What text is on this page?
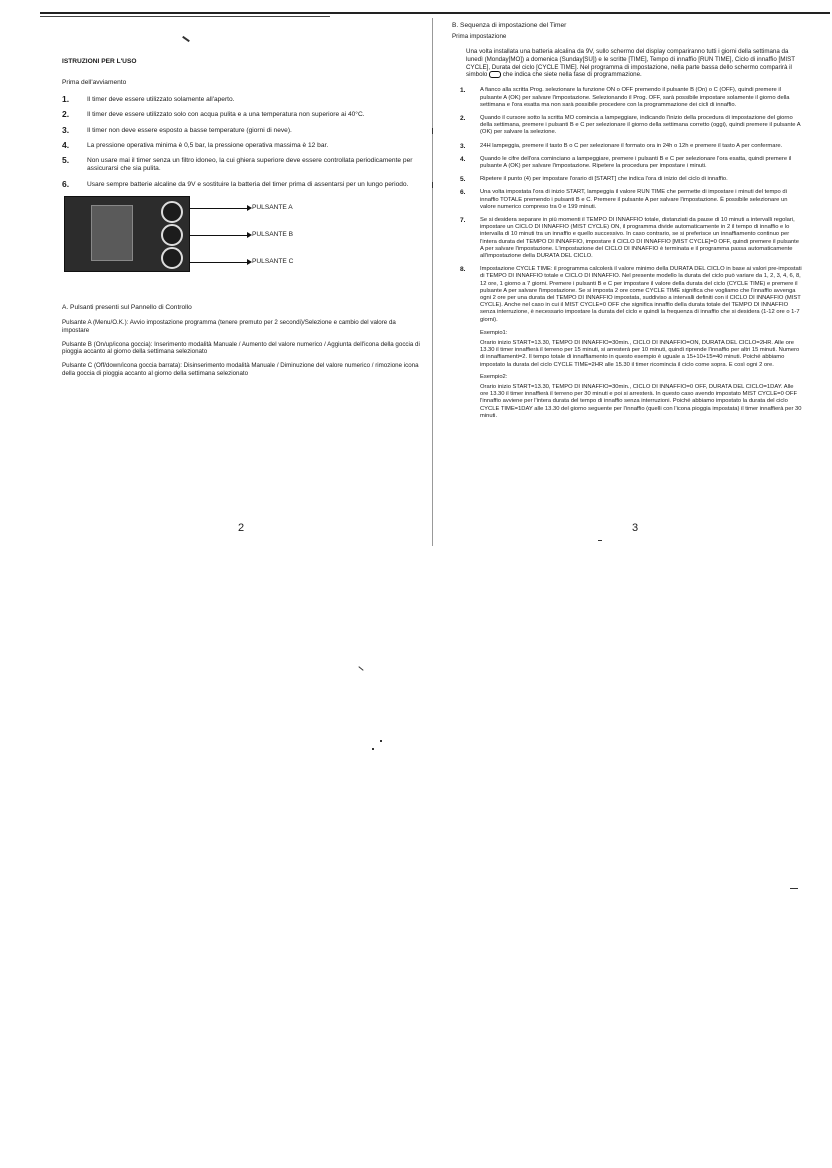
ISTRUZIONI PER L'USO
Prima dell'avviamento
1.	Il timer deve essere utilizzato solamente all'aperto.
2.	Il timer deve essere utilizzato solo con acqua pulita e a una temperatura non superiore ai 40°C.
3.	Il timer non deve essere esposto a basse temperature (giorni di neve).
4.	La pressione operativa minima è 0,5 bar, la pressione operativa massima è 12 bar.
5.	Non usare mai il timer senza un filtro idoneo, la cui ghiera superiore deve essere controllata periodicamente per assicurarsi che sia pulita.
6.	Usare sempre batterie alcaline da 9V e sostituire la batteria del timer prima di assentarsi per un lungo periodo.
PULSANTE A
PULSANTE B
PULSANTE C
A. Pulsanti presenti sul Pannello di Controllo
Pulsante A (Menu/O.K.): Avvio impostazione programma (tenere premuto per 2 secondi)/Selezione e cambio del valore da impostare
Pulsante B (On/up/icona goccia): Inserimento modalità Manuale / Aumento del valore numerico / Aggiunta dell'icona della goccia di pioggia accanto al giorno della settimana selezionato
Pulsante C (Off/down/icona goccia barrata): Disinserimento modalità Manuale / Diminuzione del valore numerico / rimozione icona della goccia di pioggia accanto al giorno della settimana selezionato
2
B. Sequenza di impostazione del Timer
Prima impostazione
Una volta installata una batteria alcalina da 9V, sullo schermo del display compariranno tutti i giorni della settimana da lunedì (Monday[MO]) a domenica (Sunday[SU]) e le scritte [TIME], Tempo di innaffio [RUN TIME], Ciclo di innaffio [MIST CYCLE], Durata del ciclo [CYCLE TIME]. Nel programma di impostazione, nella parte bassa dello schermo comparirà il simbolo che indica che siete nella fase di programmazione.
1.	A fianco alla scritta Prog. selezionare la funzione ON o OFF premendo il pulsante B (On) o C (OFF), quindi premere il pulsante A (OK) per salvare l'impostazione. Selezionando il Prog. OFF, sarà possibile impostare solamente il giorno della settimana e l'ora esatta ma non sarà possibile procedere con la programmazione dei cicli di innaffio.
2.	Quando il cursore sotto la scritta MO comincia a lampeggiare, indicando l'inizio della procedura di impostazione del giorno della settimana, premere i pulsanti B e C per selezionare il giorno della settimana corretto (oggi), quindi premere il pulsante A (OK) per salvare la selezione.
3.	24H lampeggia, premere il tasto B o C per selezionare il formato ora in 24h o 12h e premere il tasto A per confermare.
4.	Quando le cifre dell'ora cominciano a lampeggiare, premere i pulsanti B e C per selezionare l'ora esatta, quindi premere il pulsante A (OK) per salvare l'impostazione. Ripetere la procedura per impostare i minuti.
5.	Ripetere il punto (4) per impostare l'orario di [START] che indica l'ora di inizio del ciclo di innaffio.
6.	Una volta impostata l'ora di inizio START, lampeggia il valore RUN TIME che permette di impostare i minuti del tempo di innaffio TOTALE premendo i pulsanti B e C. Premere il pulsante A per salvare l'impostazione. È possibile selezionare un valore numerico compreso tra 0 e 199 minuti.
7.	Se si desidera separare in più momenti il TEMPO DI INNAFFIO totale, distanziati da pause di 10 minuti a intervalli regolari, impostare un CICLO DI INNAFFIO (MIST CYCLE) ON, il programma divide automaticamente in 2 il tempo di innaffio e lo intervalla di 10 minuti tra un innaffio e quello successivo. In caso contrario, se si preferisce un innaffiamento continuo per l'intera durata del TEMPO DI INNAFFIO, impostare il CICLO DI INNAFFIO [MIST CYCLE]=0 OFF, quindi premere il pulsante A per salvare l'impostazione. L'impostazione del CICLO DI INNAFFIO è terminata e il programma passa automaticamente all'impostazione della DURATA DEL CICLO.
8.	Impostazione CYCLE TIME: il programma calcolerà il valore minimo della DURATA DEL CICLO in base ai valori pre-impostati di TEMPO DI INNAFFIO totale e CICLO DI INNAFFIO. Nel presente modello la durata del ciclo può variare da 1, 2, 3, 4, 6, 8, 12 ore, 1 giorno a 7 giorni. Premere i pulsanti B e C per impostare il valore della durata del ciclo (CYCLE TIME) e premere il pulsante A per salvare l'impostazione. Se si imposta 2 ore come CYCLE TIME significa che vogliamo che l'innaffio avvenga ogni 2 ore per una durata del TEMPO DI INNAFFIO impostata, suddiviso a intervalli definiti con il CICLO DI INNAFFIO (MIST CYCLE). Anche nel caso in cui il MIST CYCLE=0 OFF che significa innaffio della durata totale del TEMPO DI INNAFFIO senza interruzione, è necessario impostare la durata del ciclo e quindi la frequenza di innaffio che si desidera (1-12 ore o 1-7 giorni).
Esempio1:
Orario inizio START=13.30, TEMPO DI INNAFFIO=30min., CICLO DI INNAFFIO=ON, DURATA DEL CICLO=2HR. Alle ore 13.30 il timer innaffierà il terreno per 15 minuti, si arresterà per 10 minuti, quindi riprende l'innaffio per altri 15 minuti. Numero di innaffiamenti=2. Il tempo totale di innaffiamento in questo esempio è uguale a 15+10+15=40 minuti. Poiché abbiamo impostato la durata del ciclo CYCLE TIME=2HR alle 15.30 il timer ricomincia il ciclo come sopra. E così ogni 2 ore.
Esempio2:
Orario inizio START=13.30, TEMPO DI INNAFFIO=30min., CICLO DI INNAFFIO=0 OFF, DURATA DEL CICLO=1DAY. Alle ore 13.30 il timer innaffierà il terreno per 30 minuti e poi si arresterà. In questo caso avendo impostato MIST CYCLE=0 OFF l'innaffio avviene per l'intera durata del tempo di innaffio senza interruzioni. Poiché abbiamo impostato la durata del ciclo CYCLE TIME=1DAY alle 13.30 del giorno seguente per l'innaffio (quelli con l'icona pioggia impostata) il timer innaffierà per 30 minuti.
3
